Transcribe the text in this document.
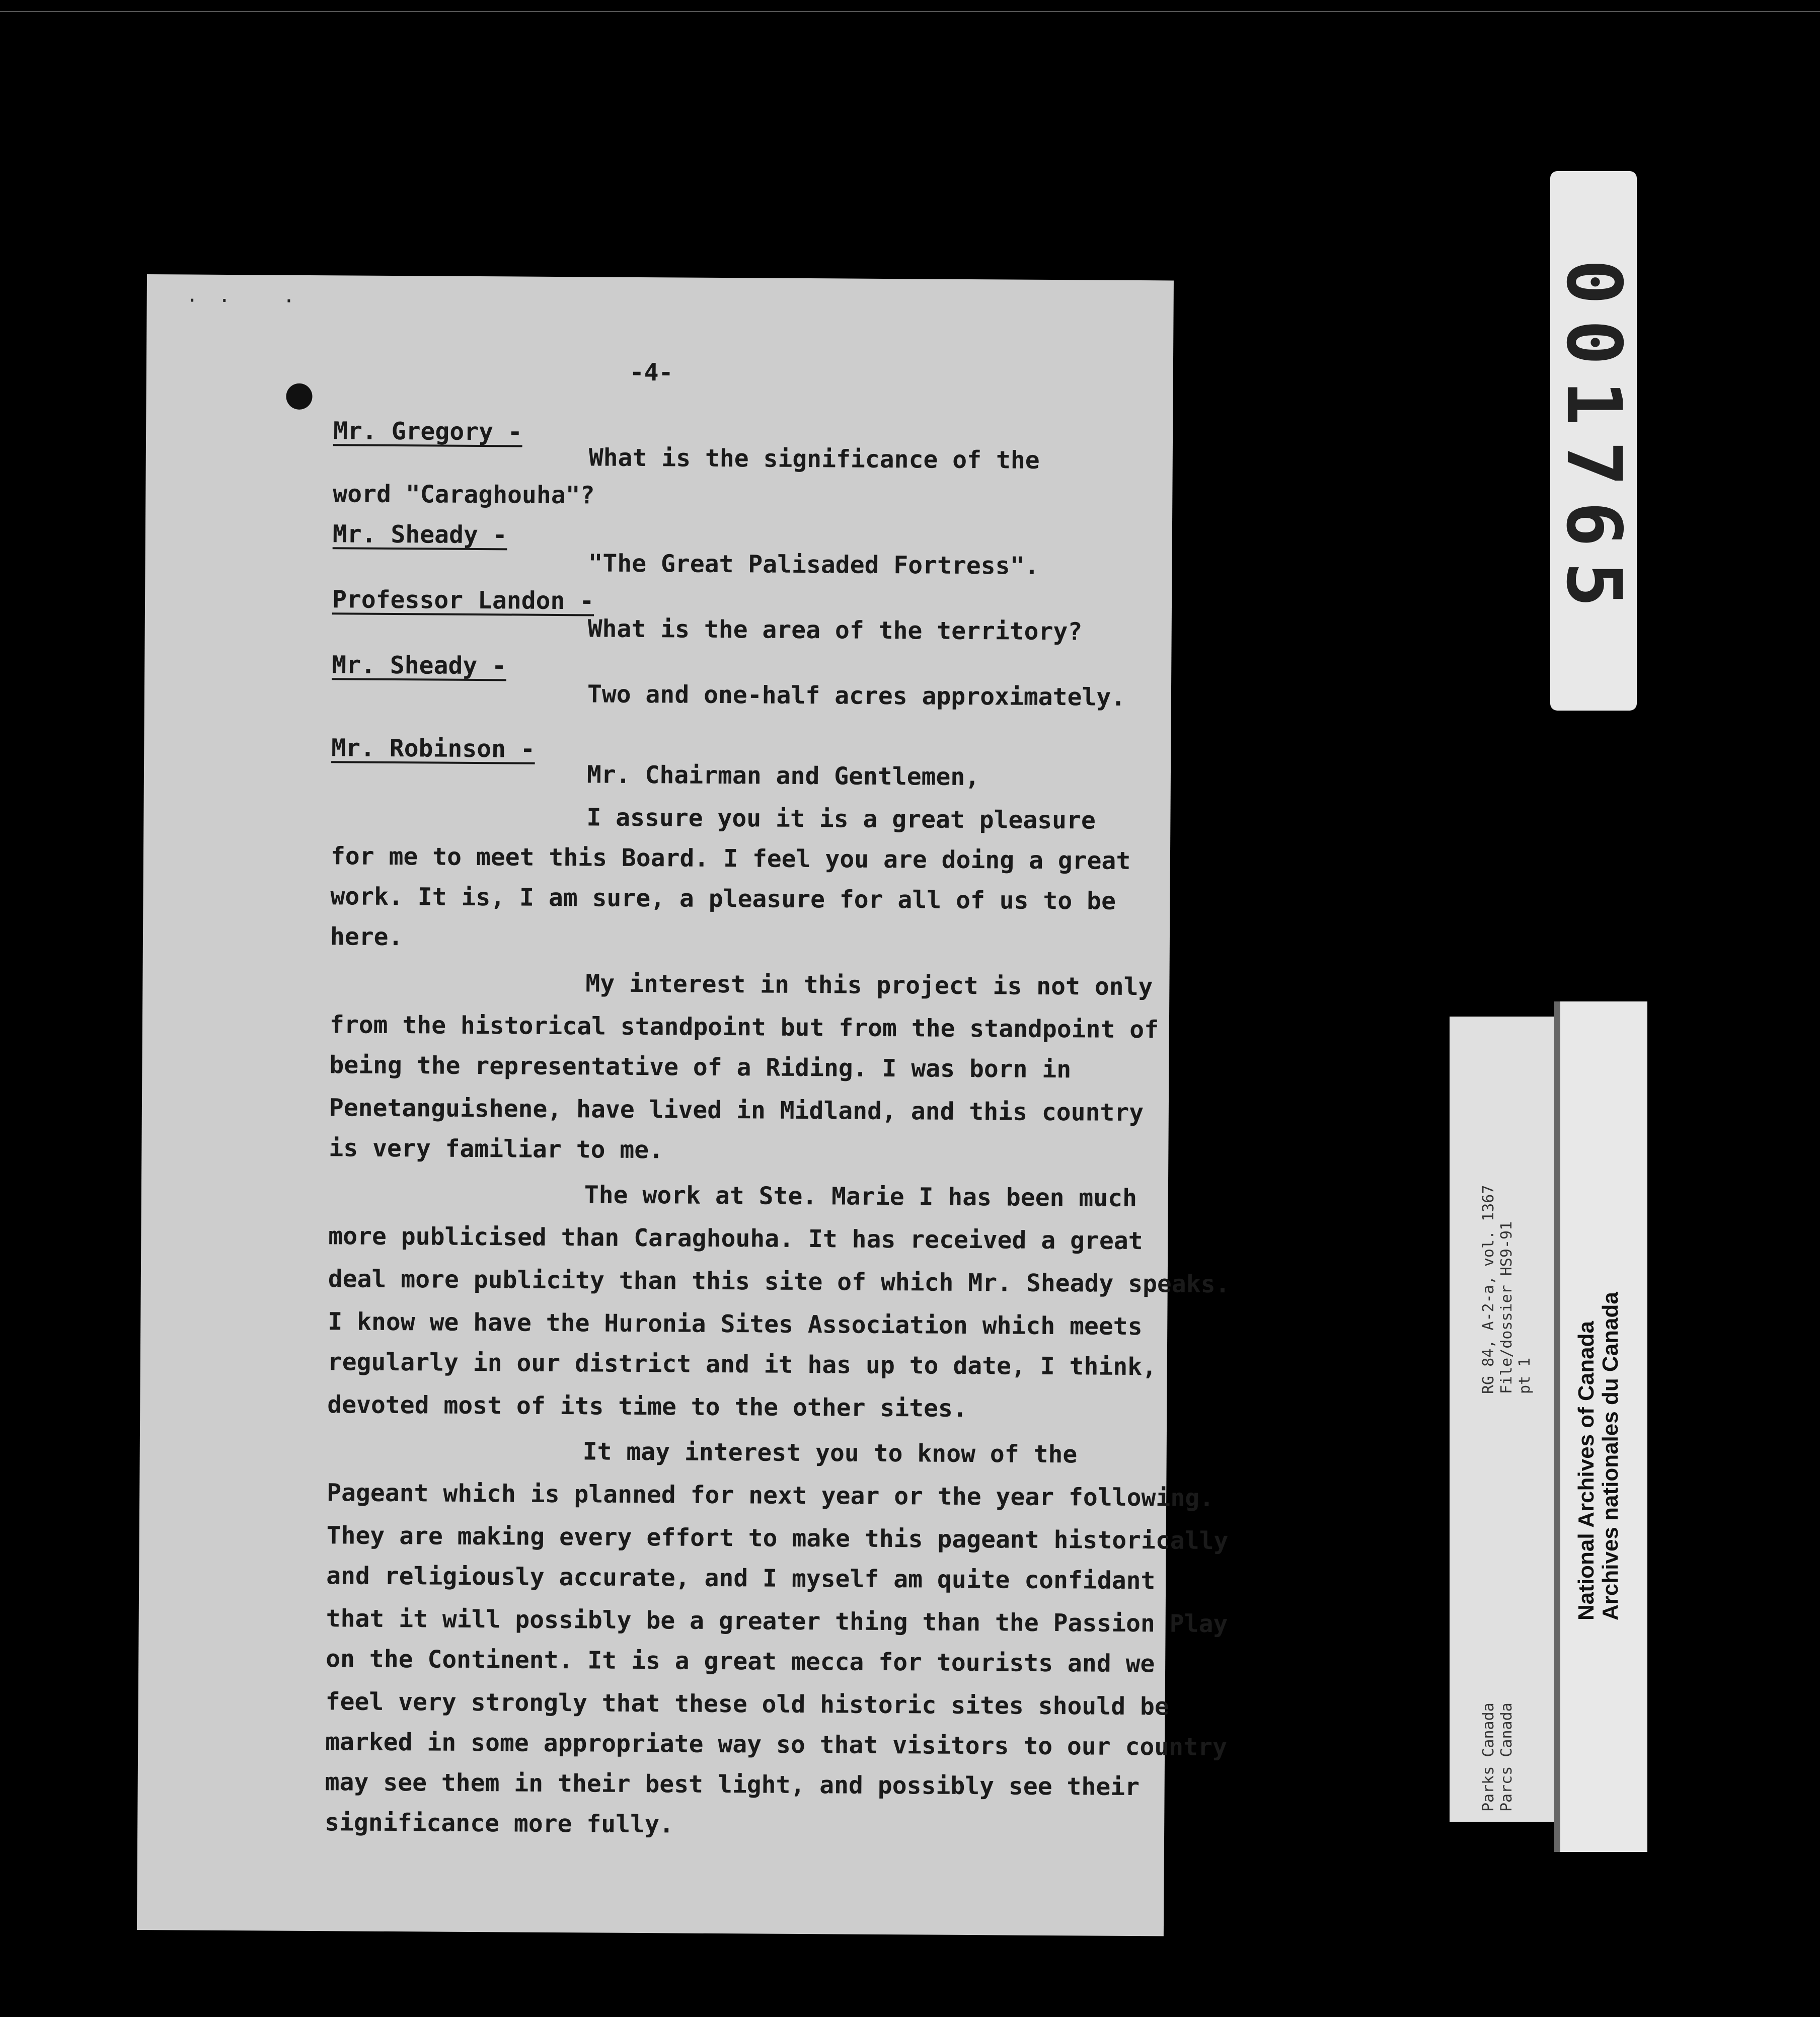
.. .
-4-
Mr. Gregory -
What is the significance of the
word "Caraghouha"?
Mr. Sheady -
"The Great Palisaded Fortress".
Professor Landon -
What is the area of the territory?
Mr. Sheady -
Two and one-half acres approximately.
Mr. Robinson -
Mr. Chairman and Gentlemen,
I assure you it is a great pleasure
for me to meet this Board. I feel you are doing a great
work. It is, I am sure, a pleasure for all of us to be
here.
My interest in this project is not only
from the historical standpoint but from the standpoint of
being the representative of a Riding. I was born in
Penetanguishene, have lived in Midland, and this country
is very familiar to me.
The work at Ste. Marie I has been much
more publicised than Caraghouha. It has received a great
deal more publicity than this site of which Mr. Sheady speaks.
I know we have the Huronia Sites Association which meets
regularly in our district and it has up to date, I think,
devoted most of its time to the other sites.
It may interest you to know of the
Pageant which is planned for next year or the year following.
They are making every effort to make this pageant historically
and religiously accurate, and I myself am quite confidant
that it will possibly be a greater thing than the Passion Play
on the Continent. It is a great mecca for tourists and we
feel very strongly that these old historic sites should be
marked in some appropriate way so that visitors to our country
may see them in their best light, and possibly see their
significance more fully.
001765
Parks Canada Parcs Canada
RG 84, A-2-a, vol. 1367 File/dossier HS9-91 pt 1 National Archives of Canada Archives nationales du Canada
